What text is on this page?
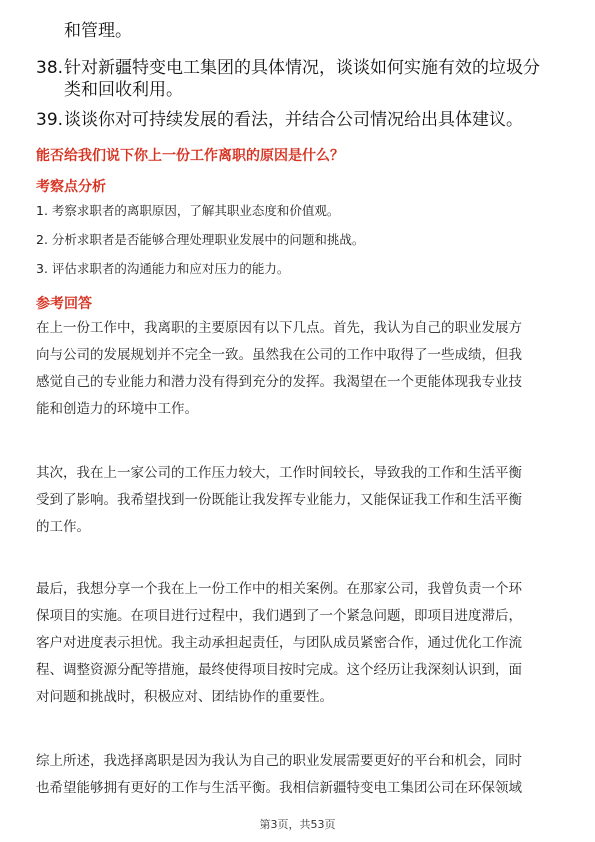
和管理。
38.针对新疆特变电工集团的具体情况，谈谈如何实施有效的垃圾分
类和回收利用。
39.谈谈你对可持续发展的看法，并结合公司情况给出具体建议。
能否给我们说下你上一份工作离职的原因是什么？
考察点分析
1. 考察求职者的离职原因，了解其职业态度和价值观。
2. 分析求职者是否能够合理处理职业发展中的问题和挑战。
3. 评估求职者的沟通能力和应对压力的能力。
参考回答
在上一份工作中，我离职的主要原因有以下几点。首先，我认为自己的职业发展方
向与公司的发展规划并不完全一致。虽然我在公司的工作中取得了一些成绩，但我
感觉自己的专业能力和潜力没有得到充分的发挥。我渴望在一个更能体现我专业技
能和创造力的环境中工作。
其次，我在上一家公司的工作压力较大，工作时间较长，导致我的工作和生活平衡
受到了影响。我希望找到一份既能让我发挥专业能力，又能保证我工作和生活平衡
的工作。
最后，我想分享一个我在上一份工作中的相关案例。在那家公司，我曾负责一个环
保项目的实施。在项目进行过程中，我们遇到了一个紧急问题，即项目进度滞后，
客户对进度表示担忧。我主动承担起责任，与团队成员紧密合作，通过优化工作流
程、调整资源分配等措施，最终使得项目按时完成。这个经历让我深刻认识到，面
对问题和挑战时，积极应对、团结协作的重要性。
综上所述，我选择离职是因为我认为自己的职业发展需要更好的平台和机会，同时
也希望能够拥有更好的工作与生活平衡。我相信新疆特变电工集团公司在环保领域
第3页，共53页
